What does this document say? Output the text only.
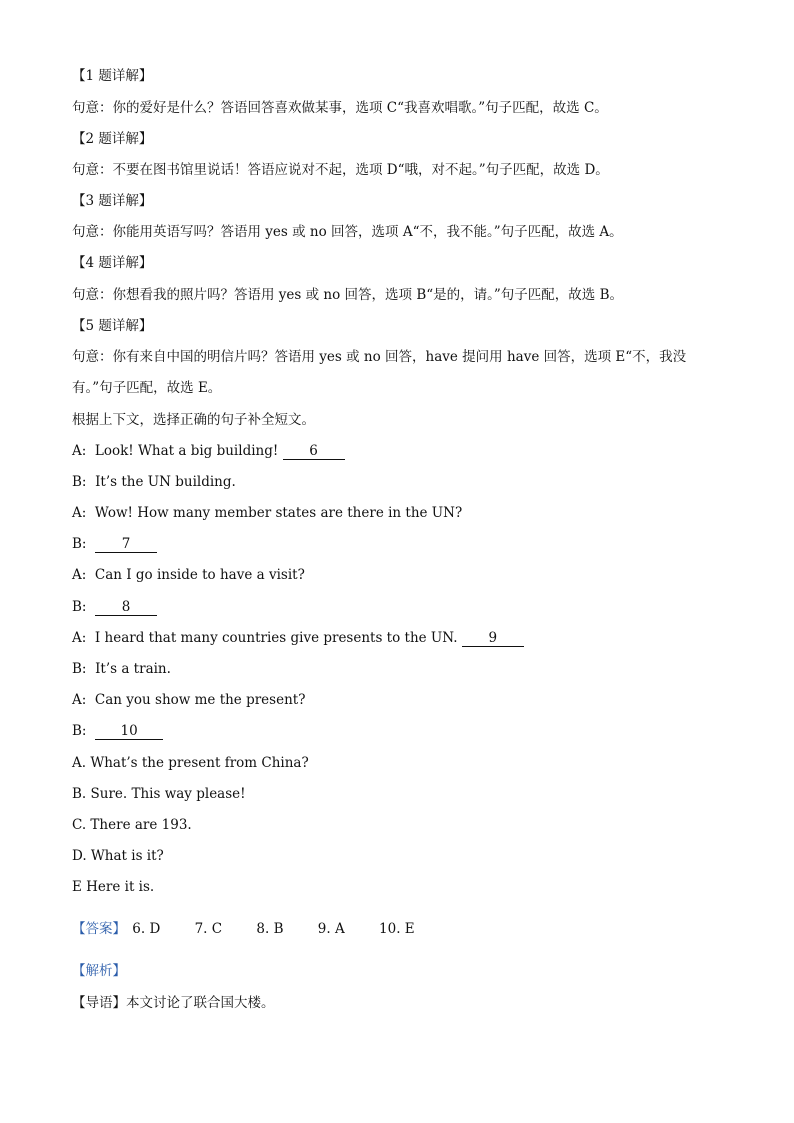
【1 题详解】
句意：你的爱好是什么？答语回答喜欢做某事，选项 C“我喜欢唱歌。”句子匹配，故选 C。
【2 题详解】
句意：不要在图书馆里说话！答语应说对不起，选项 D“哦，对不起。”句子匹配，故选 D。
【3 题详解】
句意：你能用英语写吗？答语用 yes 或 no 回答，选项 A“不，我不能。”句子匹配，故选 A。
【4 题详解】
句意：你想看我的照片吗？答语用 yes 或 no 回答，选项 B“是的，请。”句子匹配，故选 B。
【5 题详解】
句意：你有来自中国的明信片吗？答语用 yes 或 no 回答，have 提问用 have 回答，选项 E“不，我没
有。”句子匹配，故选 E。
根据上下文，选择正确的句子补全短文。
A: Look! What a big building! 6
B: It’s the UN building.
A: Wow! How many member states are there in the UN?
B:	7
A: Can I go inside to have a visit?
B:	8
A: I heard that many countries give presents to the UN. 9
B: It’s a train.
A: Can you show me the present?
B:	10
A. What’s the present from China?
B. Sure. This way please!
C. There are 193.
D. What is it?
E Here it is.
【答案】 6. D	7. C	8. B	9. A	10. E
【解析】
【导语】本文讨论了联合国大楼。
